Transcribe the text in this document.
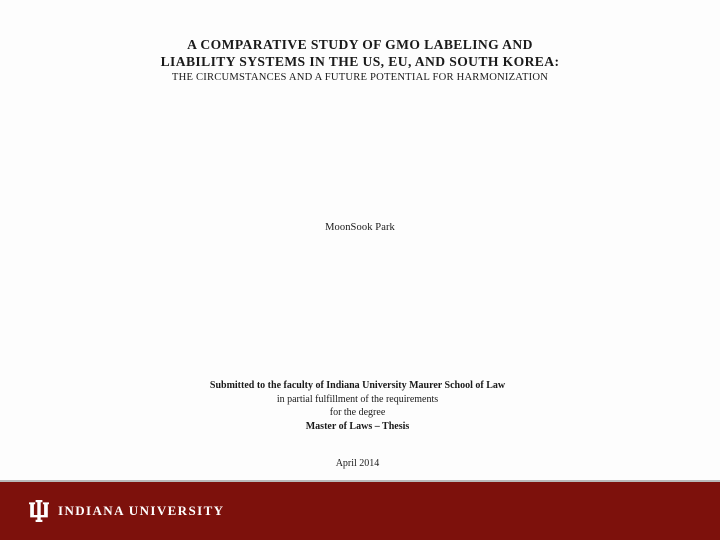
A COMPARATIVE STUDY OF GMO LABELING AND
LIABILITY SYSTEMS IN THE US, EU, AND SOUTH KOREA:
THE CIRCUMSTANCES AND A FUTURE POTENTIAL FOR HARMONIZATION
MoonSook Park
Submitted to the faculty of Indiana University Maurer School of Law
in partial fulfillment of the requirements
for the degree
Master of Laws – Thesis
April 2014
INDIANA UNIVERSITY
